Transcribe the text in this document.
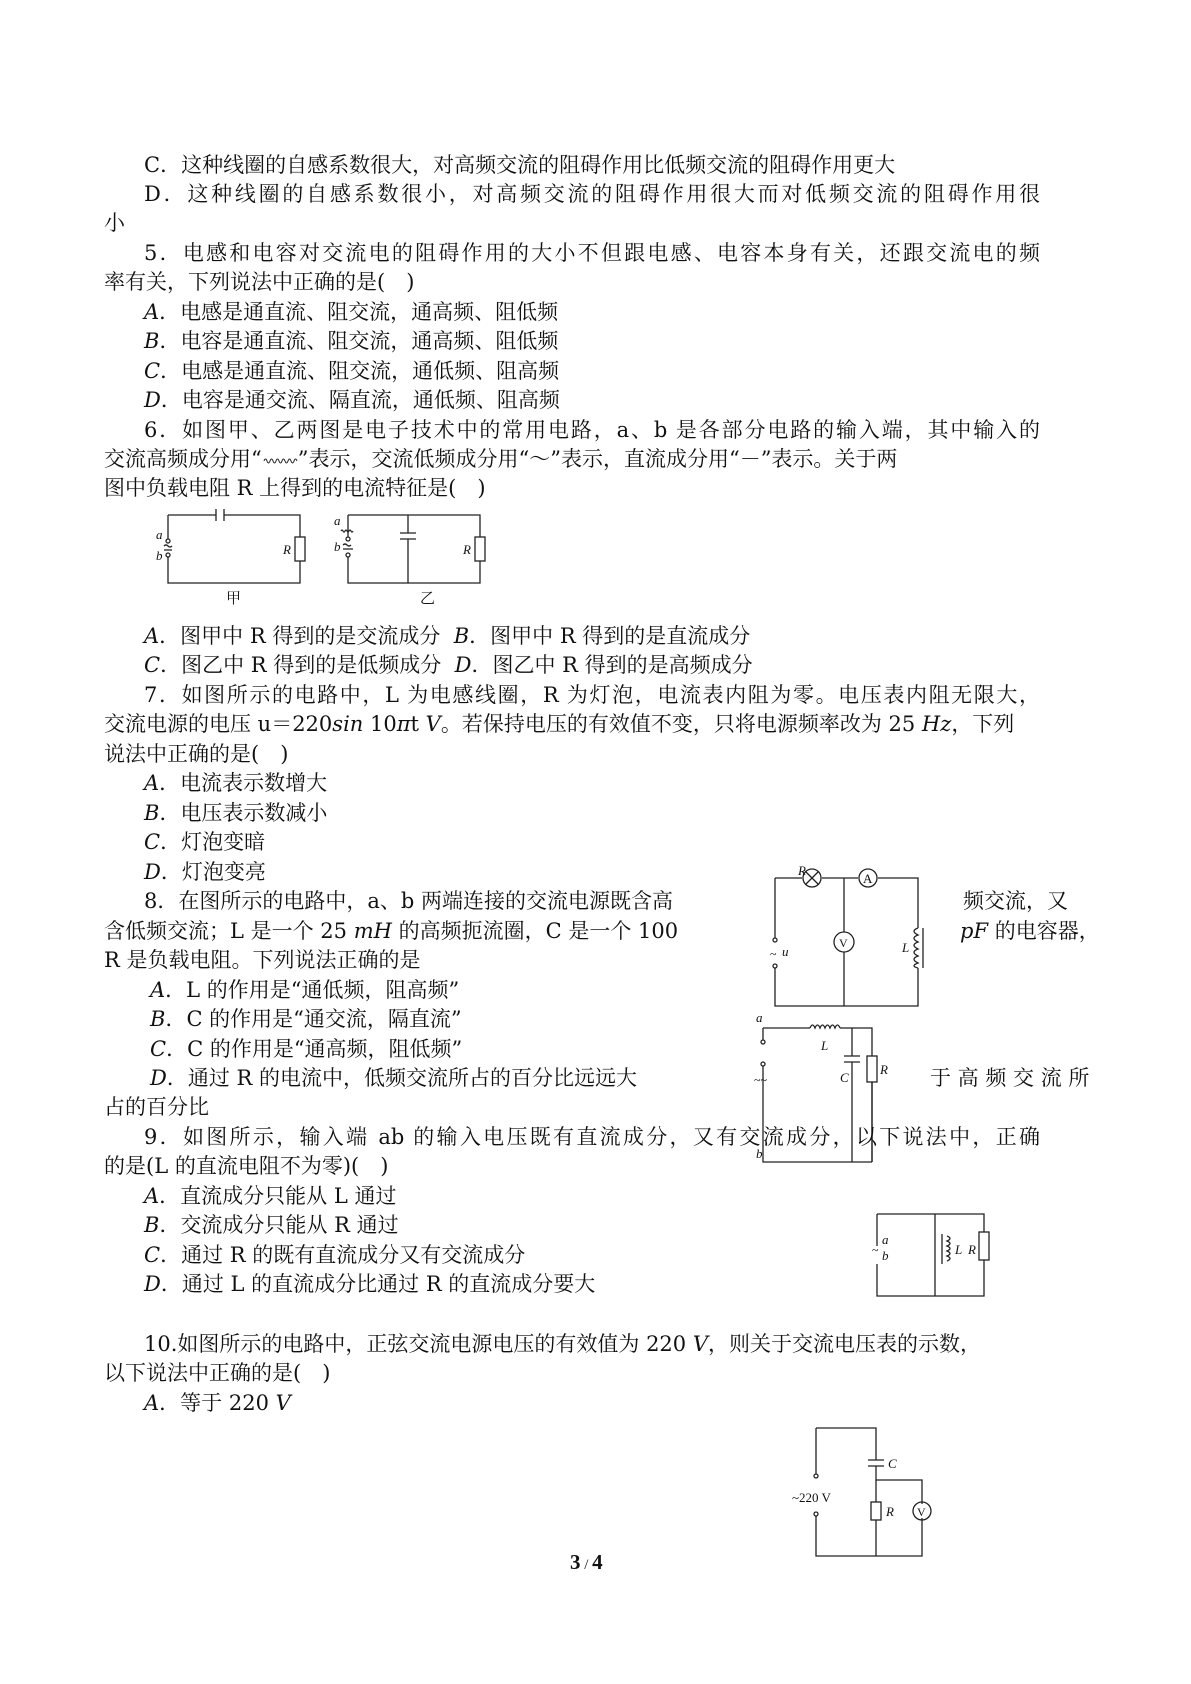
C．这种线圈的自感系数很大，对高频交流的阻碍作用比低频交流的阻碍作用更大
D．这种线圈的自感系数很小，对高频交流的阻碍作用很大而对低频交流的阻碍作用很
小
5．电感和电容对交流电的阻碍作用的大小不但跟电感、电容本身有关，还跟交流电的频
率有关，下列说法中正确的是(　)
A．电感是通直流、阻交流，通高频、阻低频
B．电容是通直流、阻交流，通高频、阻低频
C．电感是通直流、阻交流，通低频、阻高频
D．电容是通交流、隔直流，通低频、阻高频
6．如图甲、乙两图是电子技术中的常用电路，a、b 是各部分电路的输入端，其中输入的
交流高频成分用“ ”表示，交流低频成分用“～”表示，直流成分用“－”表示。关于两
图中负载电阻 R 上得到的电流特征是(　)
a
b	R
甲
a
b	R
乙
A．图甲中 R 得到的是交流成分 B．图甲中 R 得到的是直流成分
C．图乙中 R 得到的是低频成分 D．图乙中 R 得到的是高频成分
7．如图所示的电路中，L 为电感线圈，R 为灯泡，电流表内阻为零。电压表内阻无限大，
交流电源的电压 u＝220sin 10πt V。若保持电压的有效值不变，只将电源频率改为 25 Hz，下列
说法中正确的是(　)
A．电流表示数增大
B．电压表示数减小
C．灯泡变暗
D．灯泡变亮	R
A
~ u
V	L
8．在图所示的电路中，a、b 两端连接的交流电源既含高	频交流，又
含低频交流；L 是一个 25 mH 的高频扼流圈，C 是一个 100	pF 的电容器，
R 是负载电阻。下列说法正确的是
A．L 的作用是“通低频，阻高频”
B．C 的作用是“通交流，隔直流”
C．C 的作用是“通高频，阻低频”
D．通过 R 的电流中，低频交流所占的百分比远远大	于 高 频 交 流 所
占的百分比
a
b
~~
L
C
R
9．如图所示，输入端 ab 的输入电压既有直流成分，又有交流成分，以下说法中，正确
的是(L 的直流电阻不为零)(　)
A．直流成分只能从 L 通过
B．交流成分只能从 R 通过
C．通过 R 的既有直流成分又有交流成分
D．通过 L 的直流成分比通过 R 的直流成分要大
~
a
b	L R
10.如图所示的电路中，正弦交流电源电压的有效值为 220 V，则关于交流电压表的示数，
以下说法中正确的是(　)
A．等于 220 V
C
~220 V
R V
3 / 4
